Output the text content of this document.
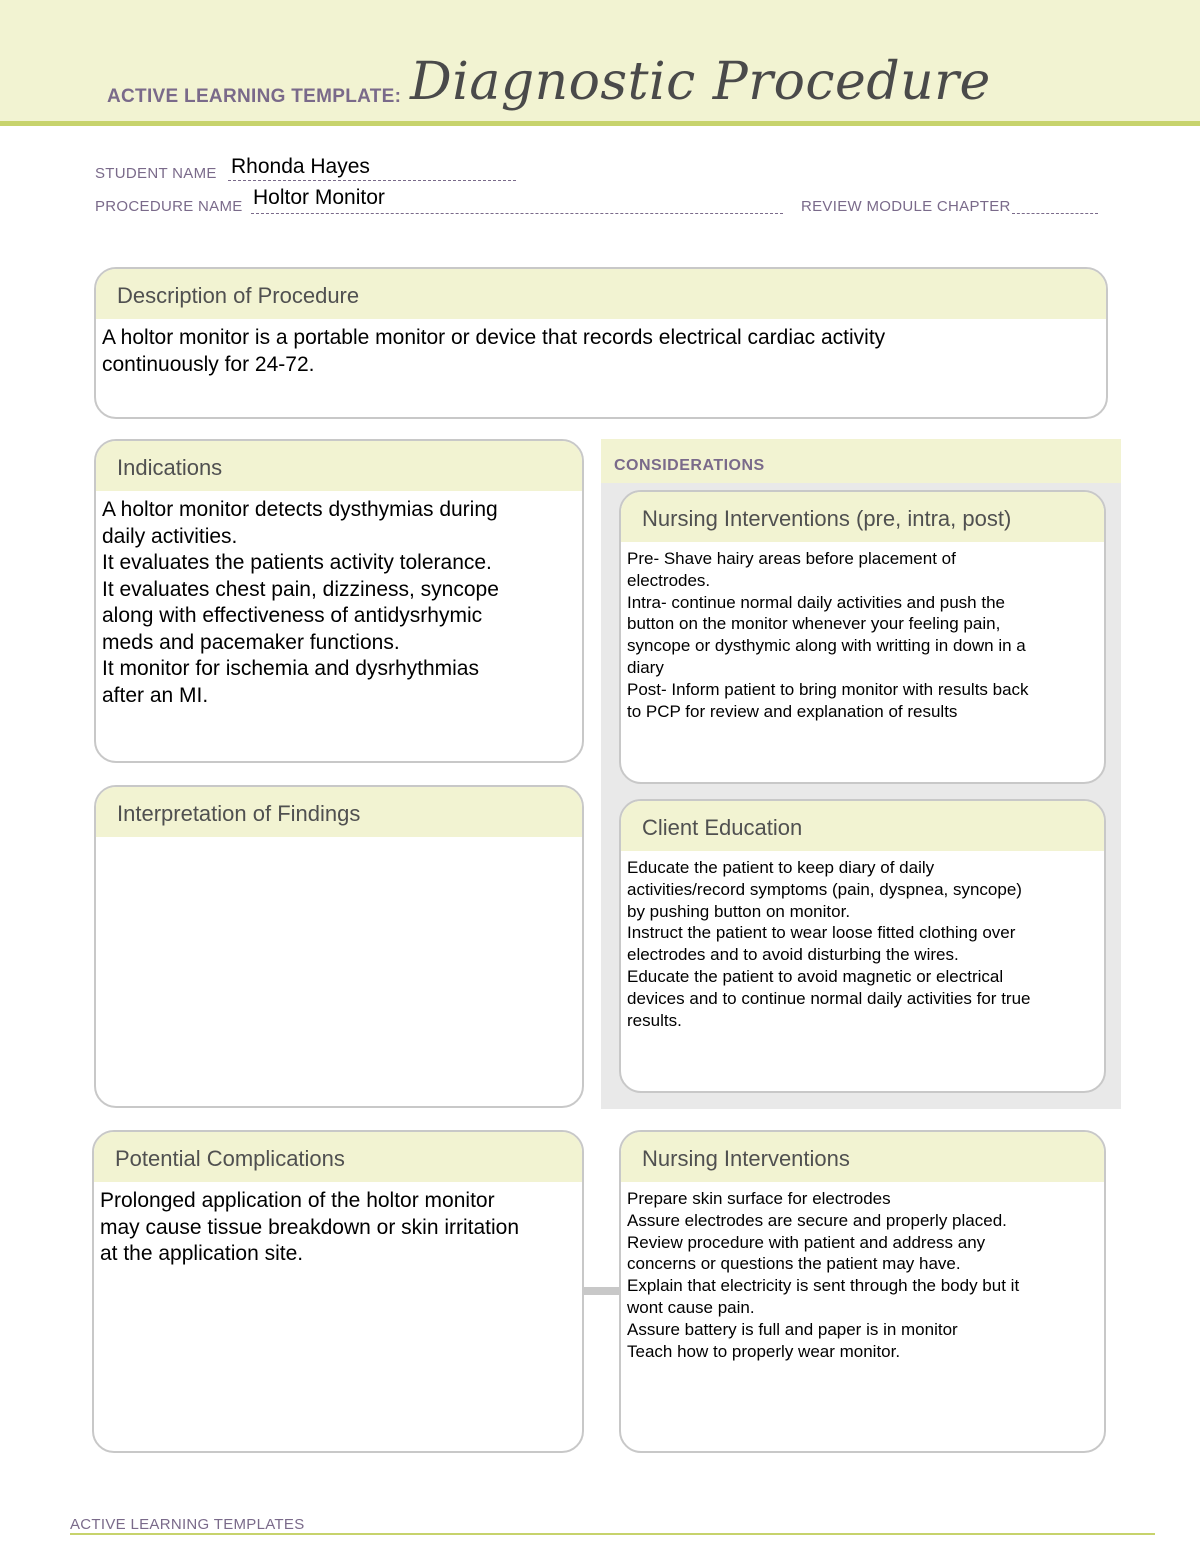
ACTIVE LEARNING TEMPLATE: Diagnostic Procedure
STUDENT NAME Rhonda Hayes
PROCEDURE NAME Holtor Monitor	REVIEW MODULE CHAPTER
Description of Procedure
A holtor monitor is a portable monitor or device that records electrical cardiac activity
continuously for 24-72.
CONSIDERATIONS
Indications
A holtor monitor detects dysthymias during
daily activities.
It evaluates the patients activity tolerance.
It evaluates chest pain, dizziness, syncope
along with effectiveness of antidysrhymic
meds and pacemaker functions.
It monitor for ischemia and dysrhythmias
after an MI.
Nursing Interventions (pre, intra, post)
Pre- Shave hairy areas before placement of
electrodes.
Intra- continue normal daily activities and push the
button on the monitor whenever your feeling pain,
syncope or dysthymic along with writting in down in a
diary
Post- Inform patient to bring monitor with results back
to PCP for review and explanation of results
Interpretation of Findings
Client Education
Educate the patient to keep diary of daily
activities/record symptoms (pain, dyspnea, syncope)
by pushing button on monitor.
Instruct the patient to wear loose fitted clothing over
electrodes and to avoid disturbing the wires.
Educate the patient to avoid magnetic or electrical
devices and to continue normal daily activities for true
results.
Potential Complications
Prolonged application of the holtor monitor
may cause tissue breakdown or skin irritation
at the application site.
Nursing Interventions
Prepare skin surface for electrodes
Assure electrodes are secure and properly placed.
Review procedure with patient and address any
concerns or questions the patient may have.
Explain that electricity is sent through the body but it
wont cause pain.
Assure battery is full and paper is in monitor
Teach how to properly wear monitor.
ACTIVE LEARNING TEMPLATES
